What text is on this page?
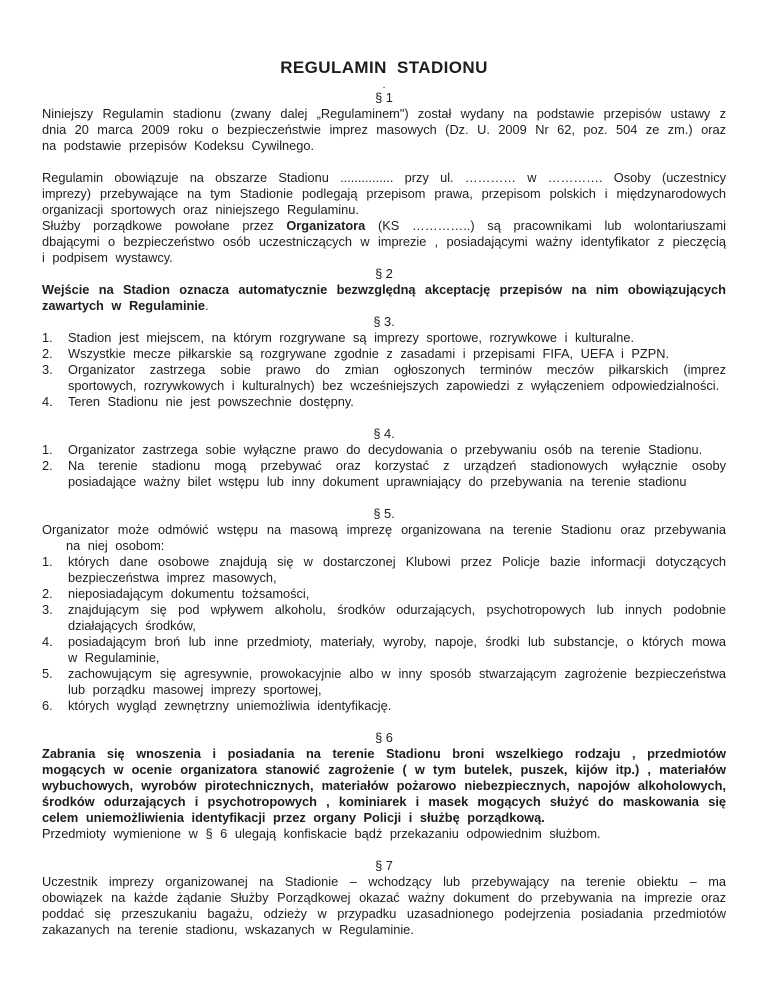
REGULAMIN  STADIONU
.
§ 1
Niniejszy Regulamin stadionu (zwany dalej „Regulaminem") został wydany na podstawie przepisów ustawy z dnia 20 marca 2009 roku o bezpieczeństwie imprez masowych (Dz. U. 2009 Nr 62, poz. 504 ze zm.) oraz na podstawie przepisów Kodeksu Cywilnego.
Regulamin obowiązuje na obszarze Stadionu ............... przy ul. ………… w …………. Osoby (uczestnicy imprezy) przebywające na tym Stadionie podlegają przepisom prawa, przepisom polskich i międzynarodowych organizacji sportowych oraz niniejszego Regulaminu.
Służby porządkowe powołane przez Organizatora (KS …………..) są pracownikami lub wolontariuszami dbającymi o bezpieczeństwo osób uczestniczących w imprezie , posiadającymi ważny identyfikator z pieczęcią i podpisem wystawcy.
§ 2
Wejście na Stadion oznacza automatycznie bezwzględną akceptację przepisów na nim obowiązujących zawartych w Regulaminie.
§ 3.
1.	Stadion jest miejscem, na którym rozgrywane są imprezy sportowe, rozrywkowe i kulturalne.
2.	Wszystkie mecze piłkarskie są rozgrywane zgodnie z zasadami i przepisami FIFA, UEFA i PZPN.
3.	Organizator zastrzega sobie prawo do zmian ogłoszonych terminów meczów piłkarskich (imprez sportowych, rozrywkowych i kulturalnych) bez wcześniejszych zapowiedzi z wyłączeniem odpowiedzialności.
4.	Teren Stadionu nie jest powszechnie dostępny.
§ 4.
1.	Organizator zastrzega sobie wyłączne prawo do decydowania o przebywaniu osób na terenie Stadionu.
2.	Na terenie stadionu mogą przebywać oraz korzystać z urządzeń stadionowych wyłącznie osoby posiadające ważny bilet wstępu lub inny dokument uprawniający do przebywania na terenie stadionu
§ 5.
Organizator może odmówić wstępu na masową imprezę organizowana na terenie Stadionu oraz przebywania na niej osobom:
1.	których dane osobowe znajdują się w dostarczonej Klubowi przez Policje bazie informacji dotyczących bezpieczeństwa imprez masowych,
2.	nieposiadającym dokumentu tożsamości,
3.	znajdującym się pod wpływem alkoholu, środków odurzających, psychotropowych lub innych podobnie działających środków,
4.	posiadającym broń lub inne przedmioty, materiały, wyroby, napoje, środki lub substancje, o których mowa w Regulaminie,
5.	zachowującym się agresywnie, prowokacyjnie albo w inny sposób stwarzającym zagrożenie bezpieczeństwa lub porządku masowej imprezy sportowej,
6.	których wygląd zewnętrzny uniemożliwia identyfikację.
§ 6
Zabrania się wnoszenia i posiadania na terenie Stadionu broni wszelkiego rodzaju , przedmiotów mogących w ocenie organizatora stanowić zagrożenie ( w tym butelek, puszek, kijów itp.) , materiałów wybuchowych, wyrobów pirotechnicznych, materiałów pożarowo niebezpiecznych, napojów alkoholowych, środków odurzających i psychotropowych , kominiarek i masek mogących służyć do maskowania się celem uniemożliwienia identyfikacji przez organy Policji i służbę porządkową.
Przedmioty wymienione w § 6 ulegają konfiskacie bądź przekazaniu odpowiednim służbom.
§ 7
Uczestnik imprezy organizowanej na Stadionie – wchodzący lub przebywający na terenie obiektu – ma obowiązek na każde żądanie Służby Porządkowej okazać ważny dokument do przebywania na imprezie oraz poddać się przeszukaniu bagażu, odzieży w przypadku uzasadnionego podejrzenia posiadania przedmiotów zakazanych na terenie stadionu, wskazanych w Regulaminie.
